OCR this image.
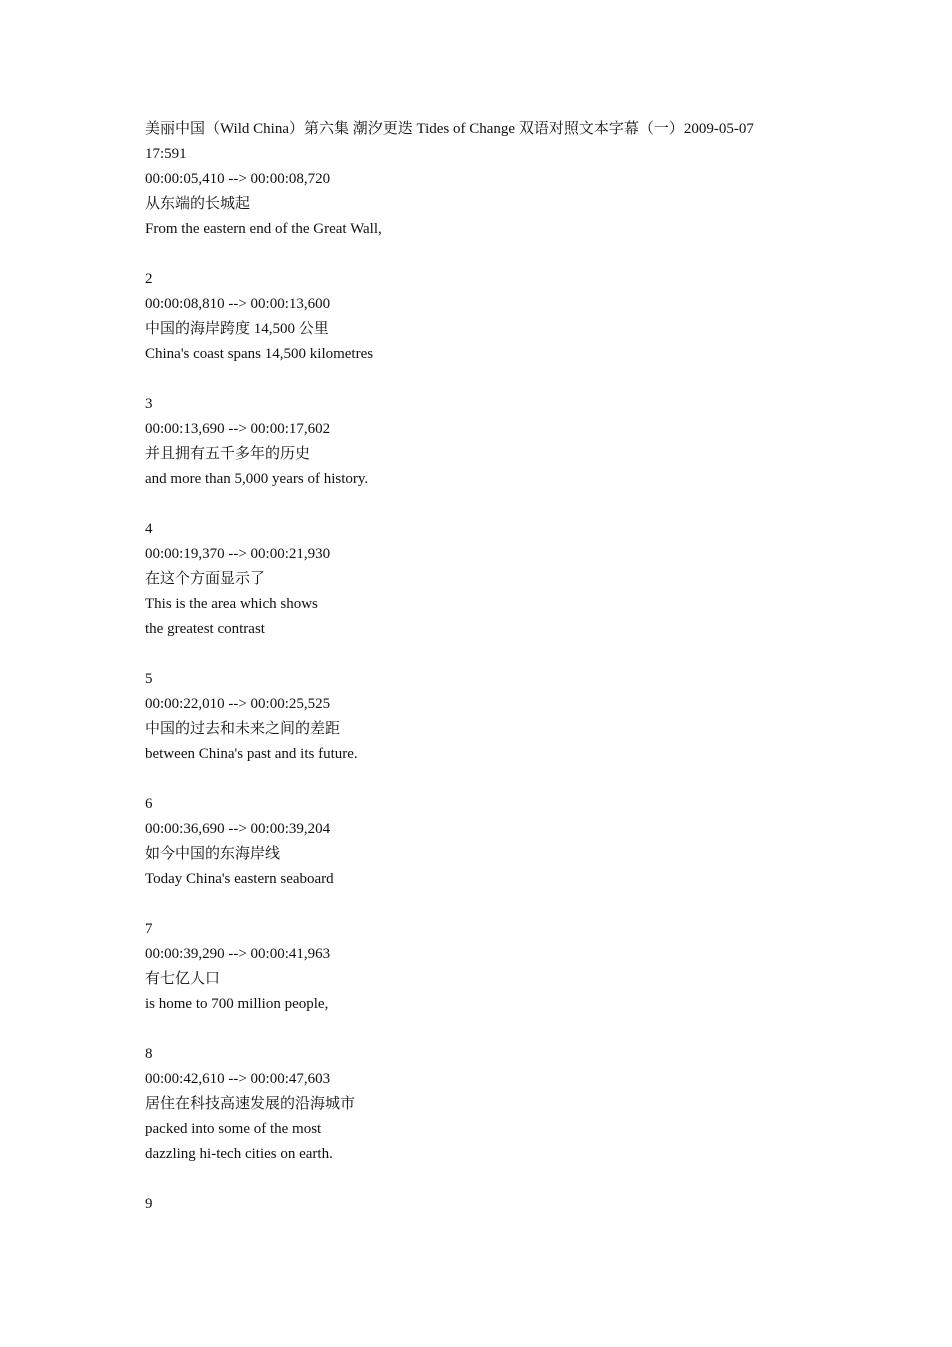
美丽中国（Wild China）第六集 潮汐更迭 Tides of Change 双语对照文本字幕（一）2009-05-07
17:591
00:00:05,410 --> 00:00:08,720
从东端的长城起
From the eastern end of the Great Wall,
2
00:00:08,810 --> 00:00:13,600
中国的海岸跨度 14,500 公里
China's coast spans 14,500 kilometres
3
00:00:13,690 --> 00:00:17,602
并且拥有五千多年的历史
and more than 5,000 years of history.
4
00:00:19,370 --> 00:00:21,930
在这个方面显示了
This is the area which shows
the greatest contrast
5
00:00:22,010 --> 00:00:25,525
中国的过去和未来之间的差距
between China's past and its future.
6
00:00:36,690 --> 00:00:39,204
如今中国的东海岸线
Today China's eastern seaboard
7
00:00:39,290 --> 00:00:41,963
有七亿人口
is home to 700 million people,
8
00:00:42,610 --> 00:00:47,603
居住在科技高速发展的沿海城市
packed into some of the most
dazzling hi-tech cities on earth.
9
